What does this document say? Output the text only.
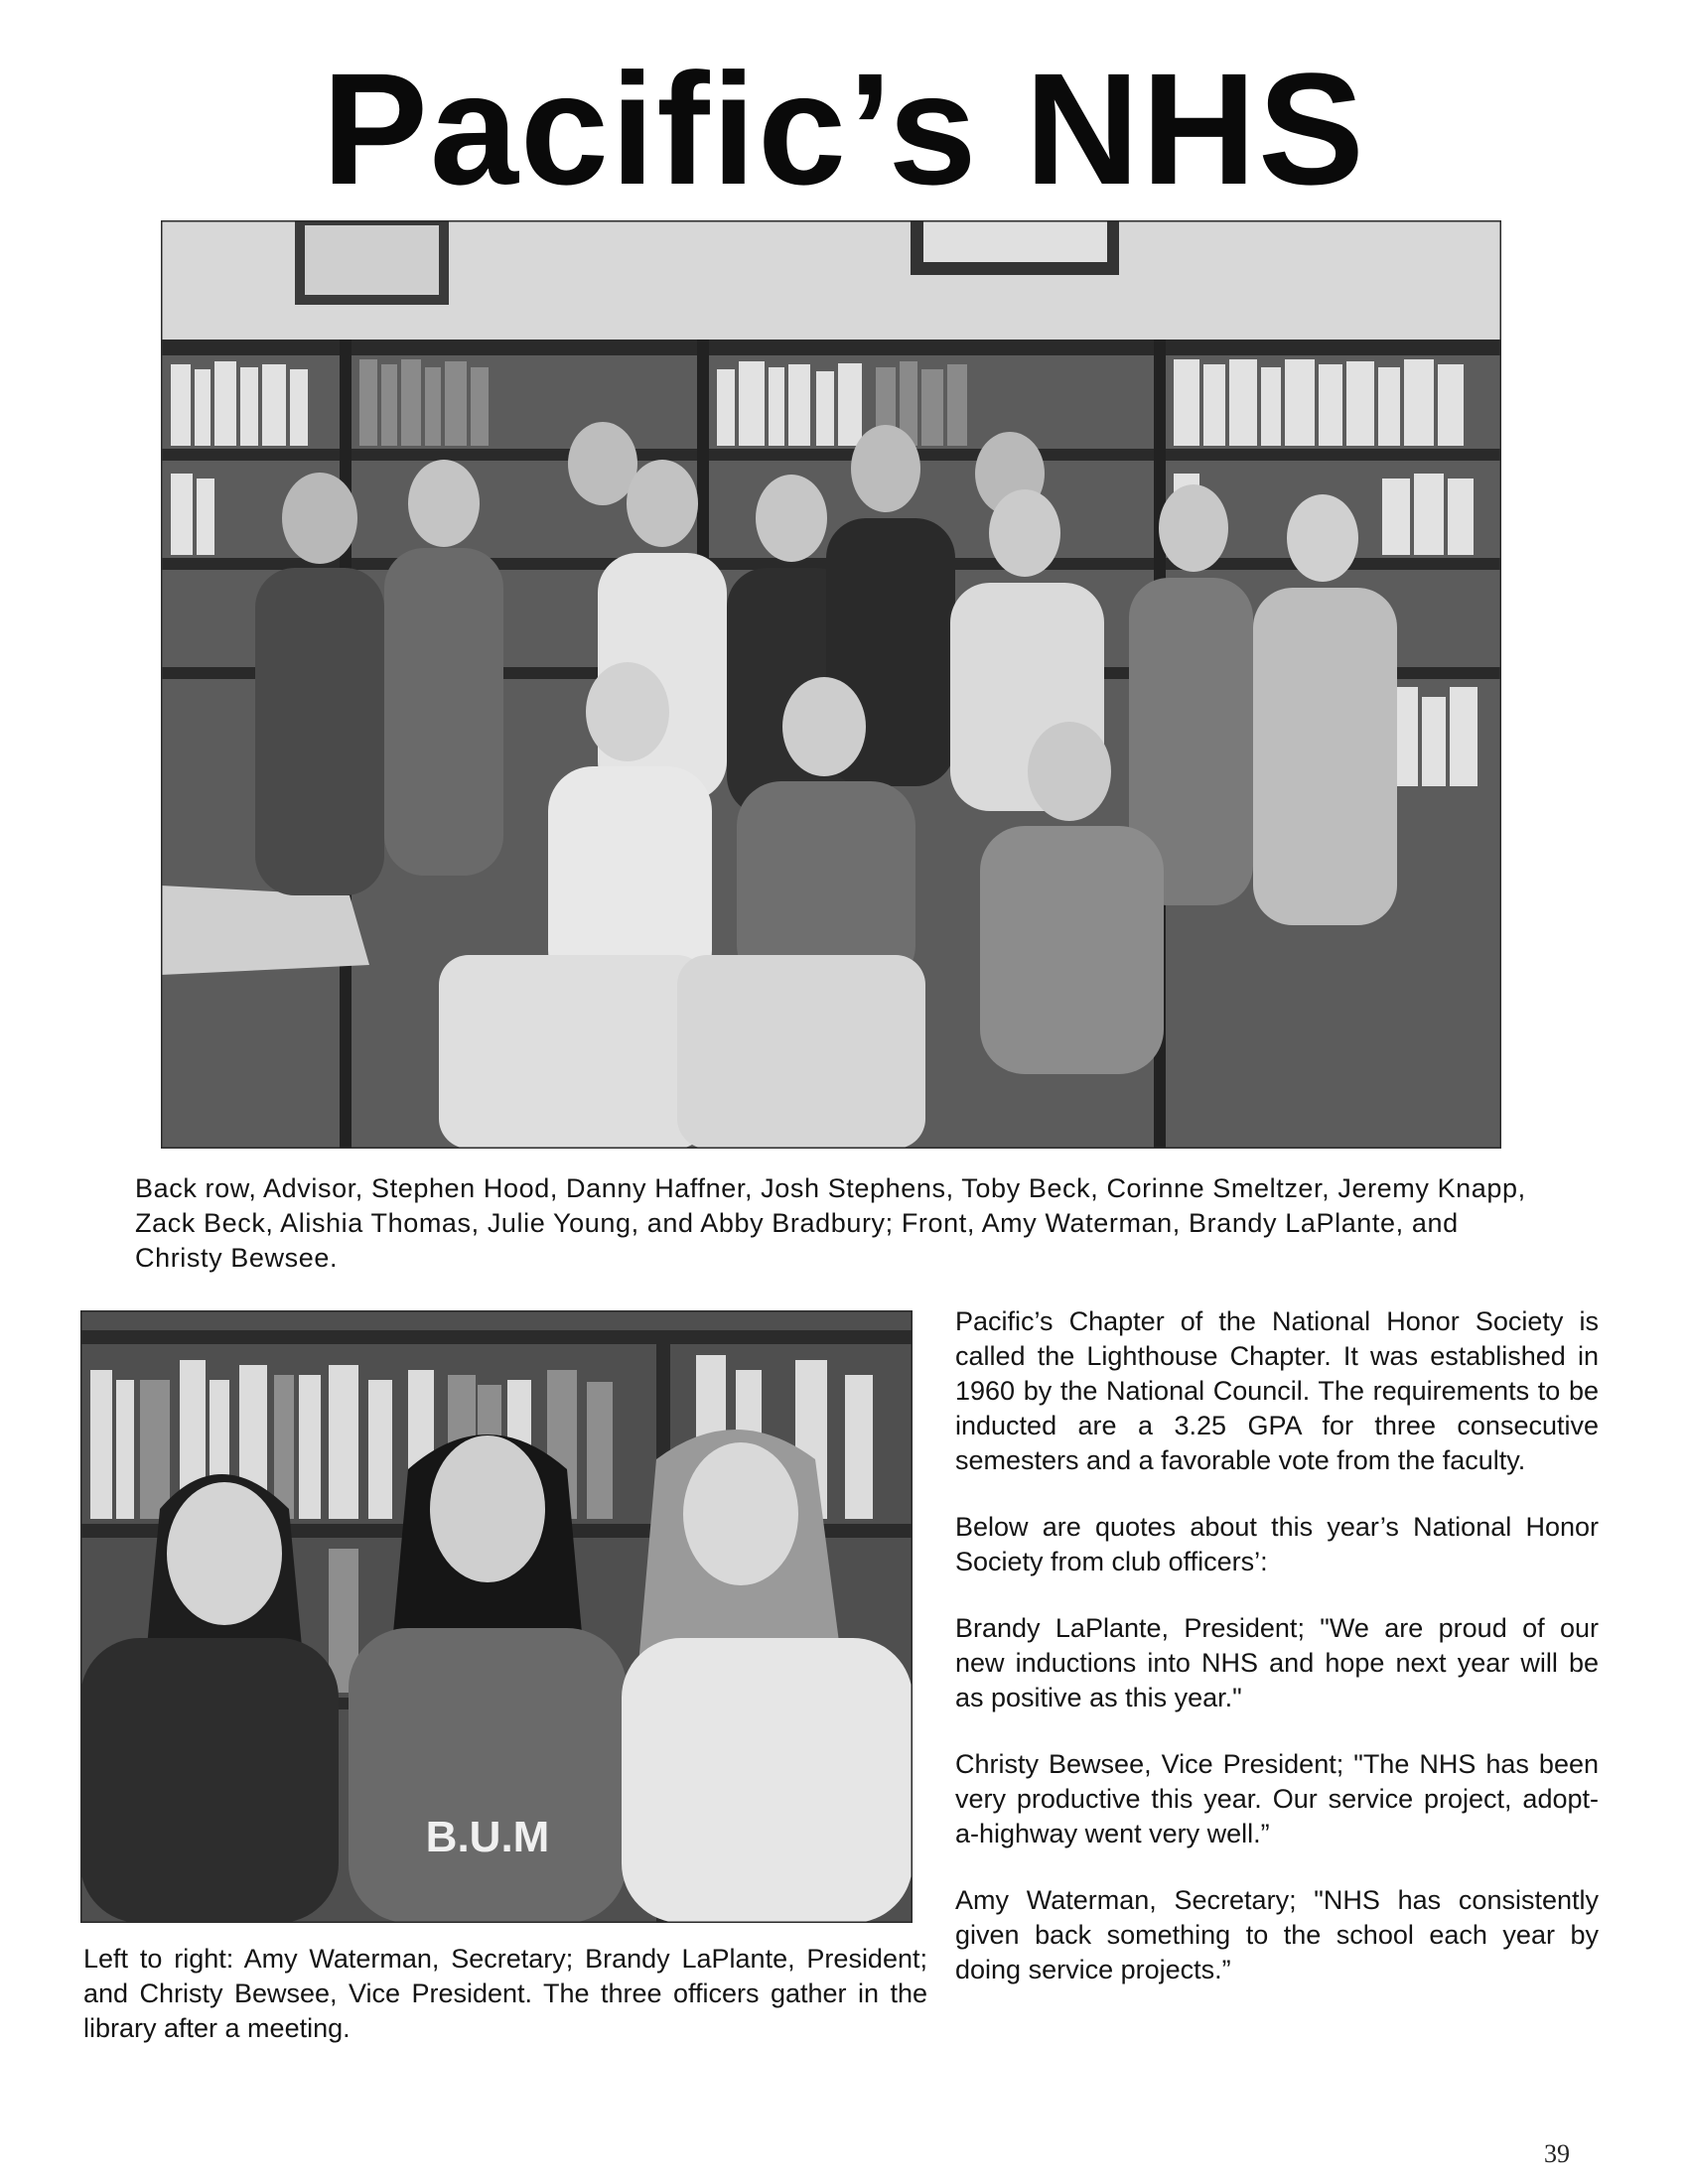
Pacific’s NHS

Back row, Advisor, Stephen Hood, Danny Haffner, Josh Stephens, Toby Beck, Corinne Smeltzer, Jeremy Knapp, Zack Beck, Alishia Thomas, Julie Young, and Abby Bradbury; Front, Amy Waterman, Brandy LaPlante, and Christy Bewsee.

B.U.M

Left to right: Amy Waterman, Secretary; Brandy LaPlante, President; and Christy Bewsee, Vice President. The three officers gather in the library after a meeting.

Pacific’s Chapter of the National Honor Society is called the Lighthouse Chapter. It was established in 1960 by the National Council. The requirements to be inducted are a 3.25 GPA for three consecutive semesters and a favorable vote from the faculty.

Below are quotes about this year’s National Honor Society from club officers’:

Brandy LaPlante, President; "We are proud of our new inductions into NHS and hope next year will be as positive as this year."

Christy Bewsee, Vice President; "The NHS has been very productive this year. Our service project, adopt-a-highway went very well.”

Amy Waterman, Secretary; "NHS has consistently given back something to the school each year by doing service projects.”

39
